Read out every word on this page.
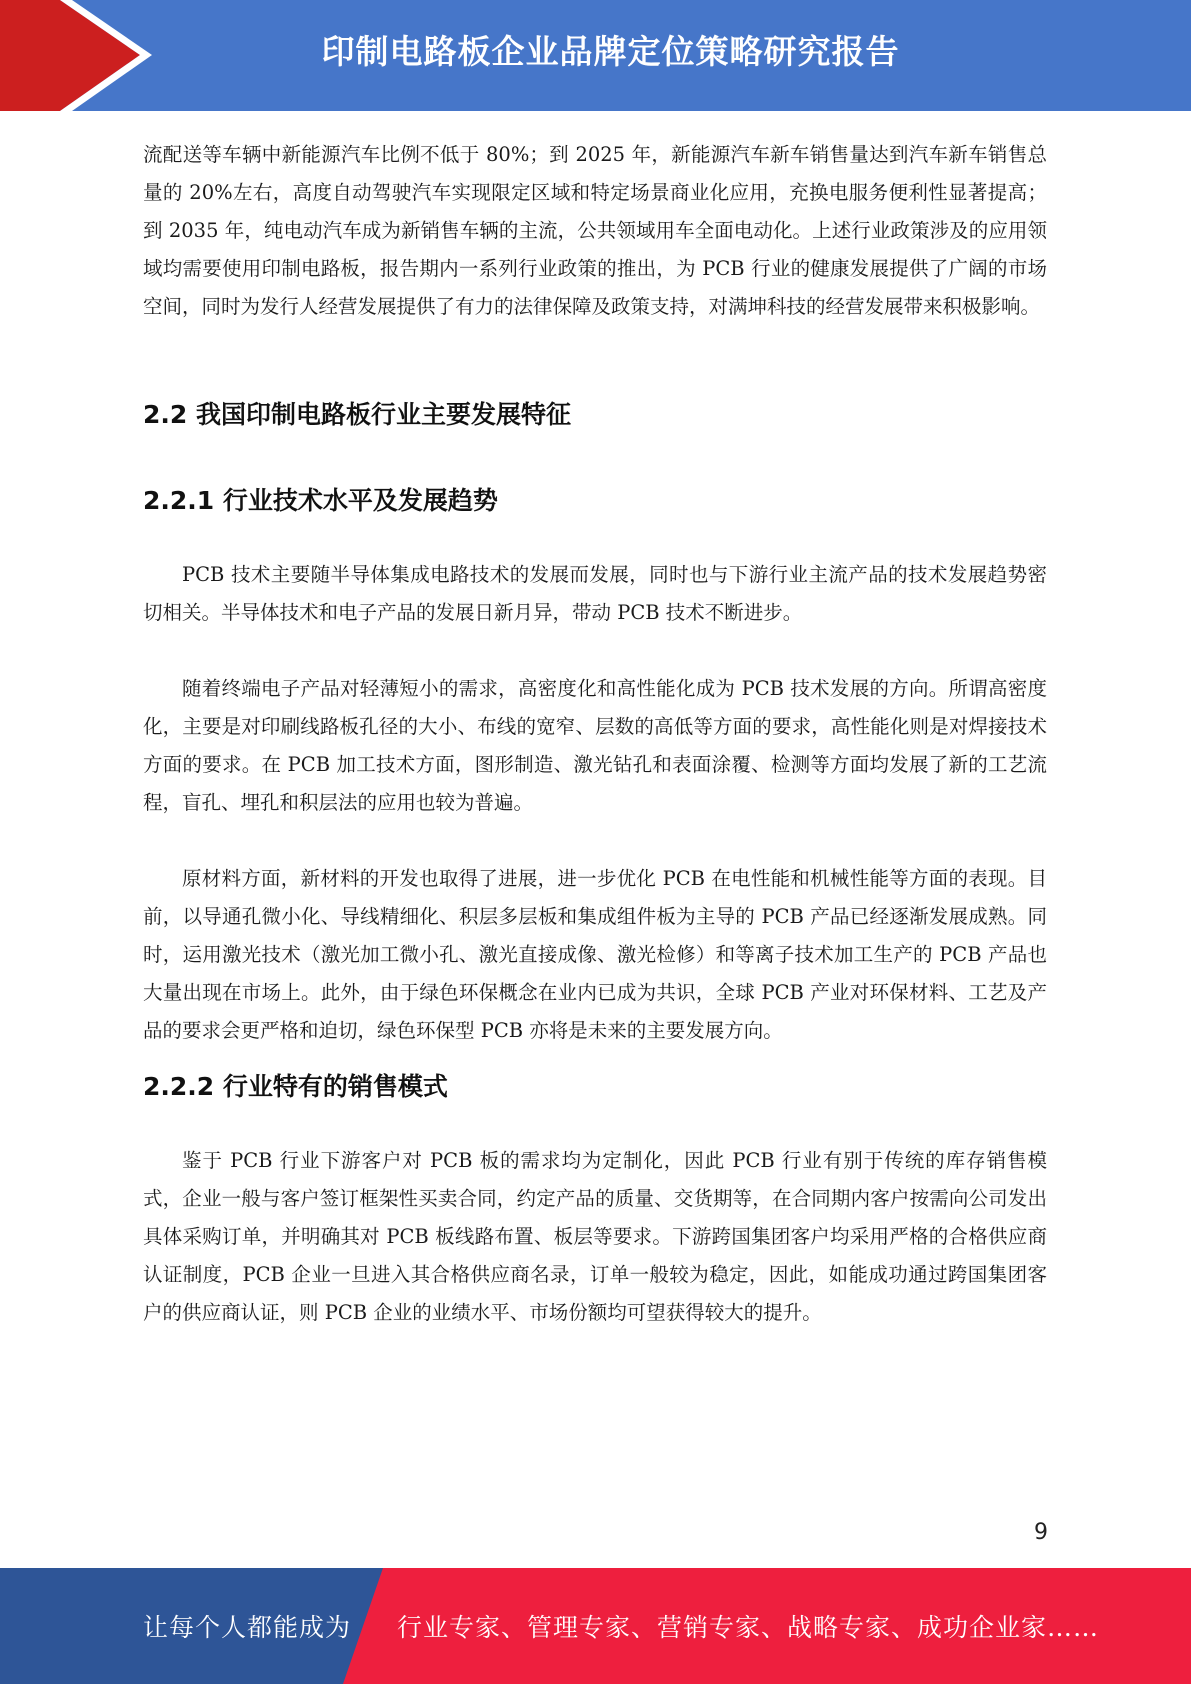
印制电路板企业品牌定位策略研究报告

流配送等车辆中新能源汽车比例不低于 80%；到 2025 年，新能源汽车新车销售量达到汽车新车销售总量的 20%左右，高度自动驾驶汽车实现限定区域和特定场景商业化应用，充换电服务便利性显著提高；到 2035 年，纯电动汽车成为新销售车辆的主流，公共领域用车全面电动化。上述行业政策涉及的应用领域均需要使用印制电路板，报告期内一系列行业政策的推出，为 PCB 行业的健康发展提供了广阔的市场空间，同时为发行人经营发展提供了有力的法律保障及政策支持，对满坤科技的经营发展带来积极影响。

2.2 我国印制电路板行业主要发展特征
2.2.1 行业技术水平及发展趋势

PCB 技术主要随半导体集成电路技术的发展而发展，同时也与下游行业主流产品的技术发展趋势密切相关。半导体技术和电子产品的发展日新月异，带动 PCB 技术不断进步。

随着终端电子产品对轻薄短小的需求，高密度化和高性能化成为 PCB 技术发展的方向。所谓高密度化，主要是对印刷线路板孔径的大小、布线的宽窄、层数的高低等方面的要求，高性能化则是对焊接技术方面的要求。在 PCB 加工技术方面，图形制造、激光钻孔和表面涂覆、检测等方面均发展了新的工艺流程，盲孔、埋孔和积层法的应用也较为普遍。

原材料方面，新材料的开发也取得了进展，进一步优化 PCB 在电性能和机械性能等方面的表现。目前，以导通孔微小化、导线精细化、积层多层板和集成组件板为主导的 PCB 产品已经逐渐发展成熟。同时，运用激光技术（激光加工微小孔、激光直接成像、激光检修）和等离子技术加工生产的 PCB 产品也大量出现在市场上。此外，由于绿色环保概念在业内已成为共识，全球 PCB 产业对环保材料、工艺及产品的要求会更严格和迫切，绿色环保型 PCB 亦将是未来的主要发展方向。

2.2.2 行业特有的销售模式

鉴于 PCB 行业下游客户对 PCB 板的需求均为定制化，因此 PCB 行业有别于传统的库存销售模式，企业一般与客户签订框架性买卖合同，约定产品的质量、交货期等，在合同期内客户按需向公司发出具体采购订单，并明确其对 PCB 板线路布置、板层等要求。下游跨国集团客户均采用严格的合格供应商认证制度，PCB 企业一旦进入其合格供应商名录，订单一般较为稳定，因此，如能成功通过跨国集团客户的供应商认证，则 PCB 企业的业绩水平、市场份额均可望获得较大的提升。

9
让每个人都能成为 行业专家、管理专家、营销专家、战略专家、成功企业家……
